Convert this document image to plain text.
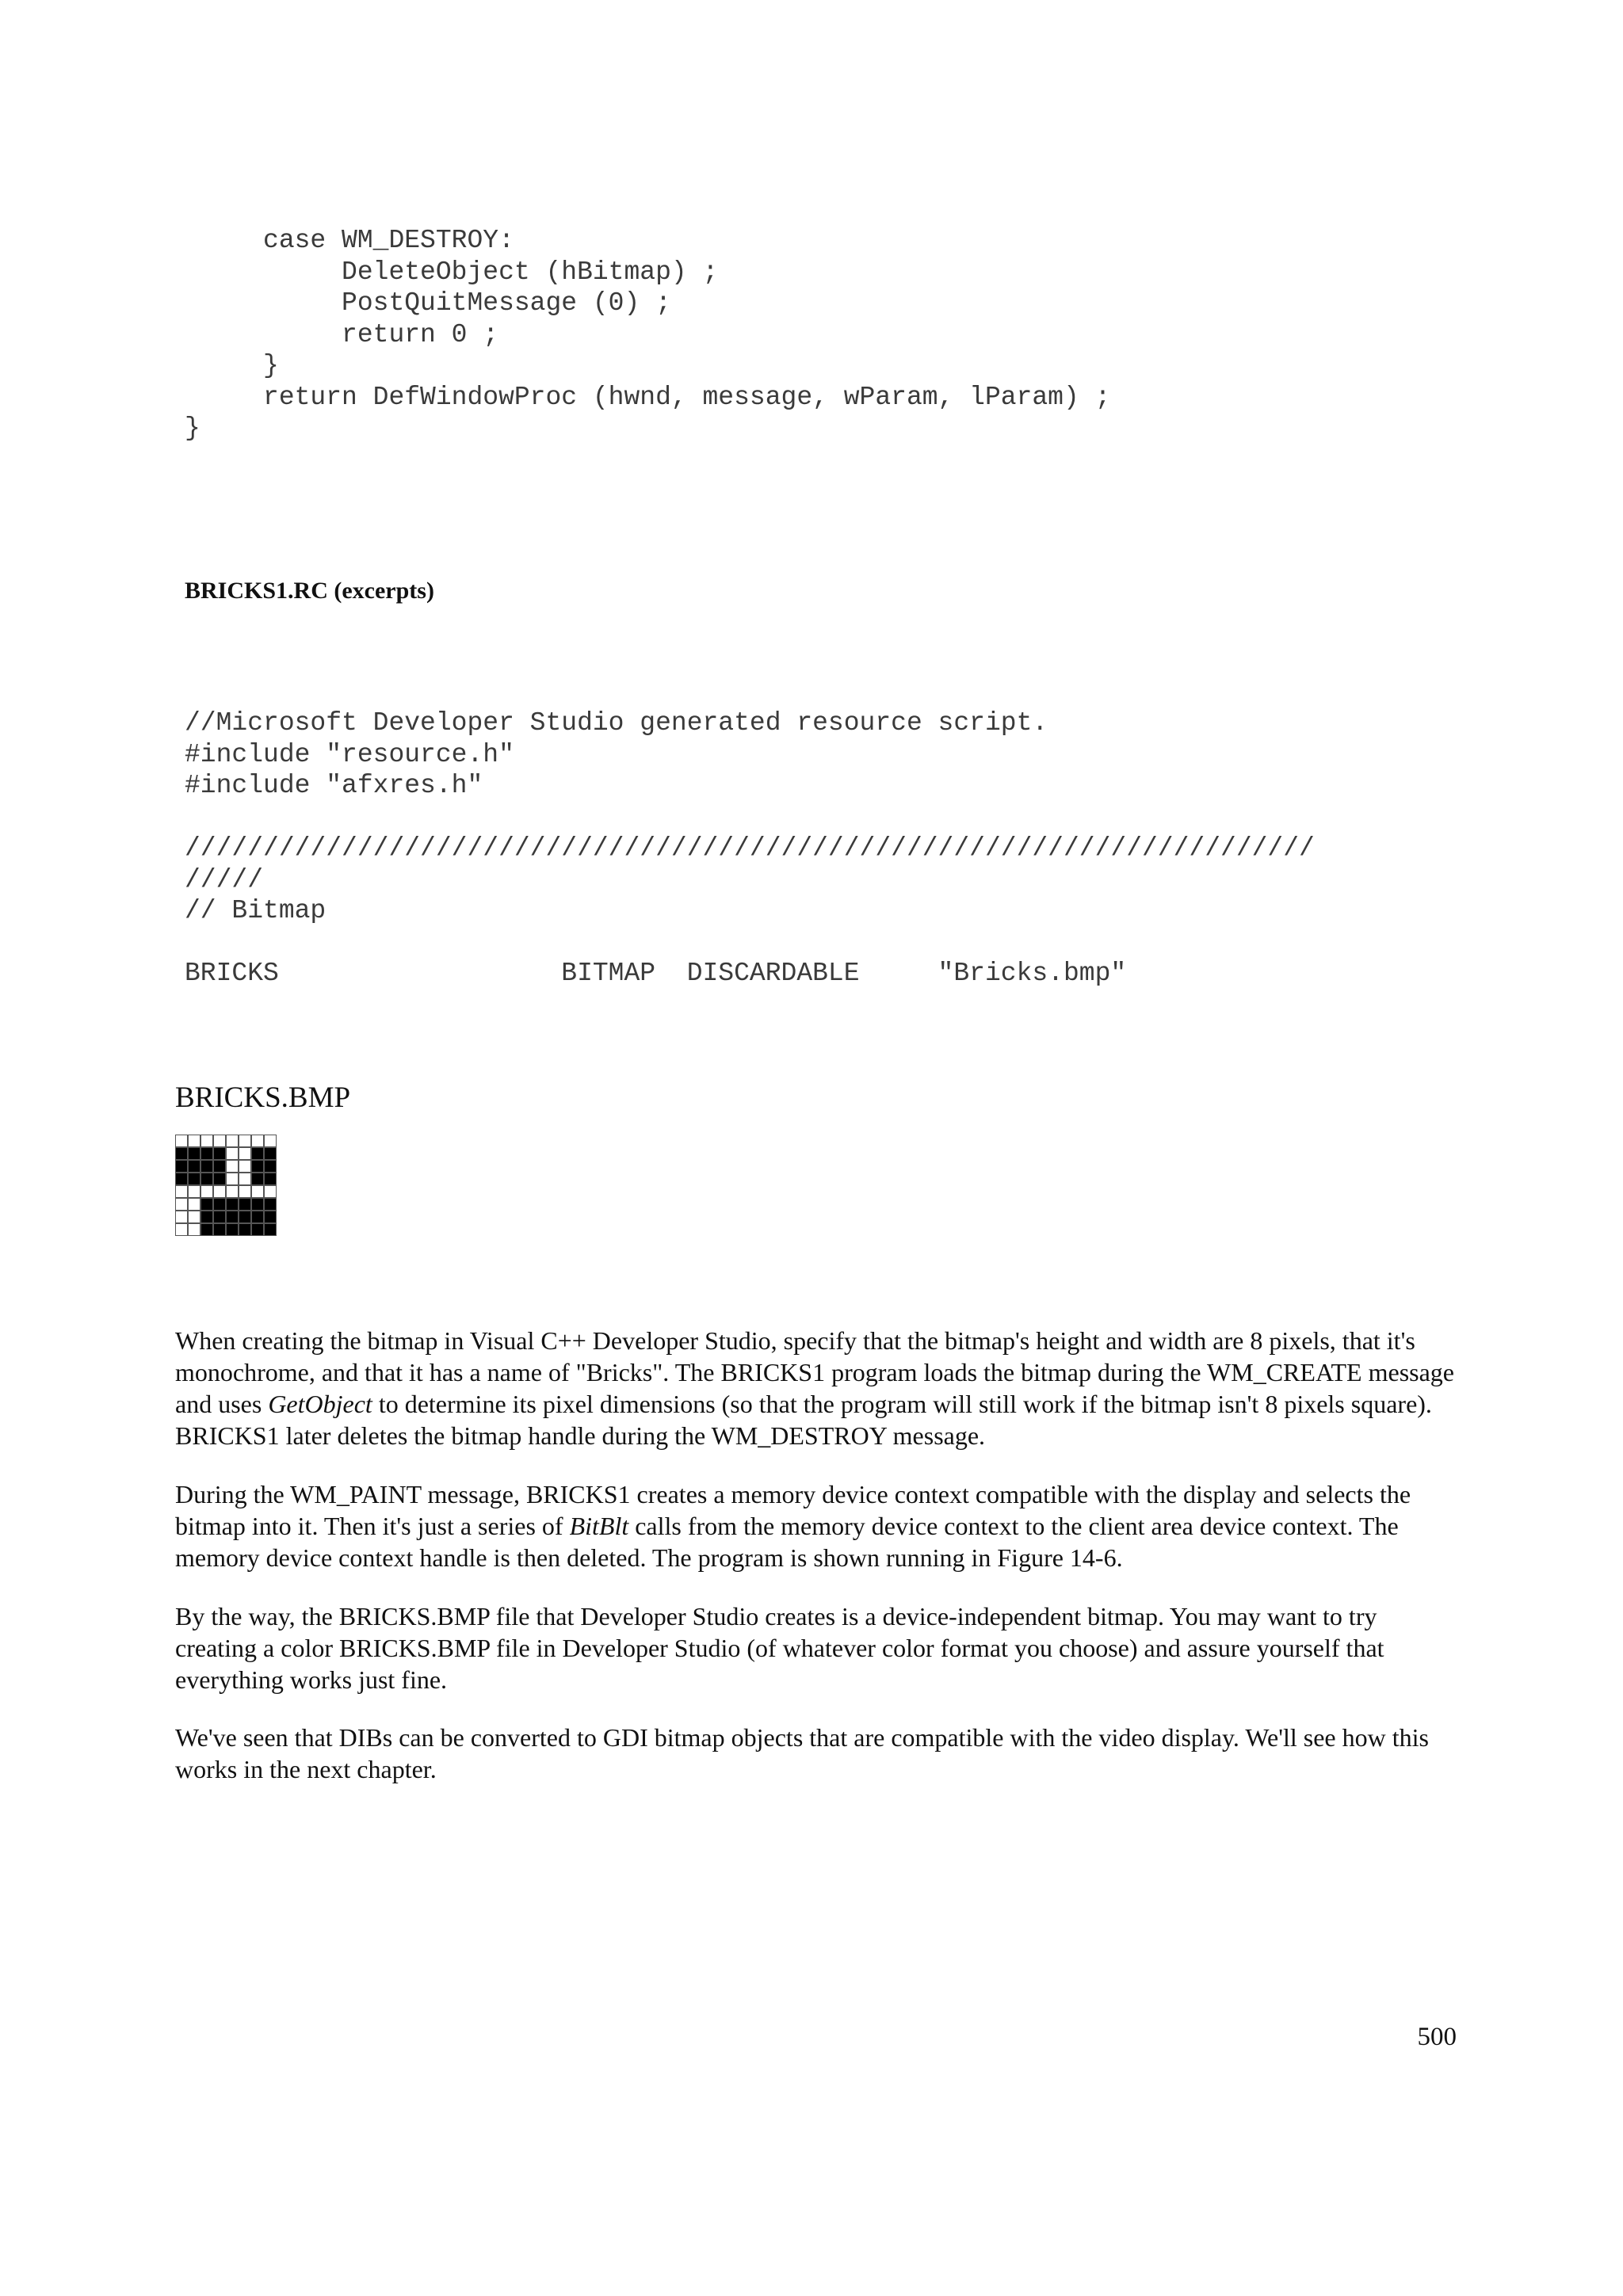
case WM_DESTROY:
DeleteObject (hBitmap) ;
PostQuitMessage (0) ;
return 0 ;
}
return DefWindowProc (hwnd, message, wParam, lParam) ;
}
BRICKS1.RC (excerpts)
//Microsoft Developer Studio generated resource script.
#include "resource.h"
#include "afxres.h"
////////////////////////////////////////////////////////////////////////
/////
// Bitmap
BRICKS                  BITMAP  DISCARDABLE     "Bricks.bmp"
BRICKS.BMP

When creating the bitmap in Visual C++ Developer Studio, specify that the bitmap's height and width are 8 pixels, that it's monochrome, and that it has a name of "Bricks". The BRICKS1 program loads the bitmap during the WM_CREATE message and uses GetObject to determine its pixel dimensions (so that the program will still work if the bitmap isn't 8 pixels square). BRICKS1 later deletes the bitmap handle during the WM_DESTROY message.

During the WM_PAINT message, BRICKS1 creates a memory device context compatible with the display and selects the bitmap into it. Then it's just a series of BitBlt calls from the memory device context to the client area device context. The memory device context handle is then deleted. The program is shown running in Figure 14-6.

By the way, the BRICKS.BMP file that Developer Studio creates is a device-independent bitmap. You may want to try creating a color BRICKS.BMP file in Developer Studio (of whatever color format you choose) and assure yourself that everything works just fine.

We've seen that DIBs can be converted to GDI bitmap objects that are compatible with the video display. We'll see how this works in the next chapter.

500
